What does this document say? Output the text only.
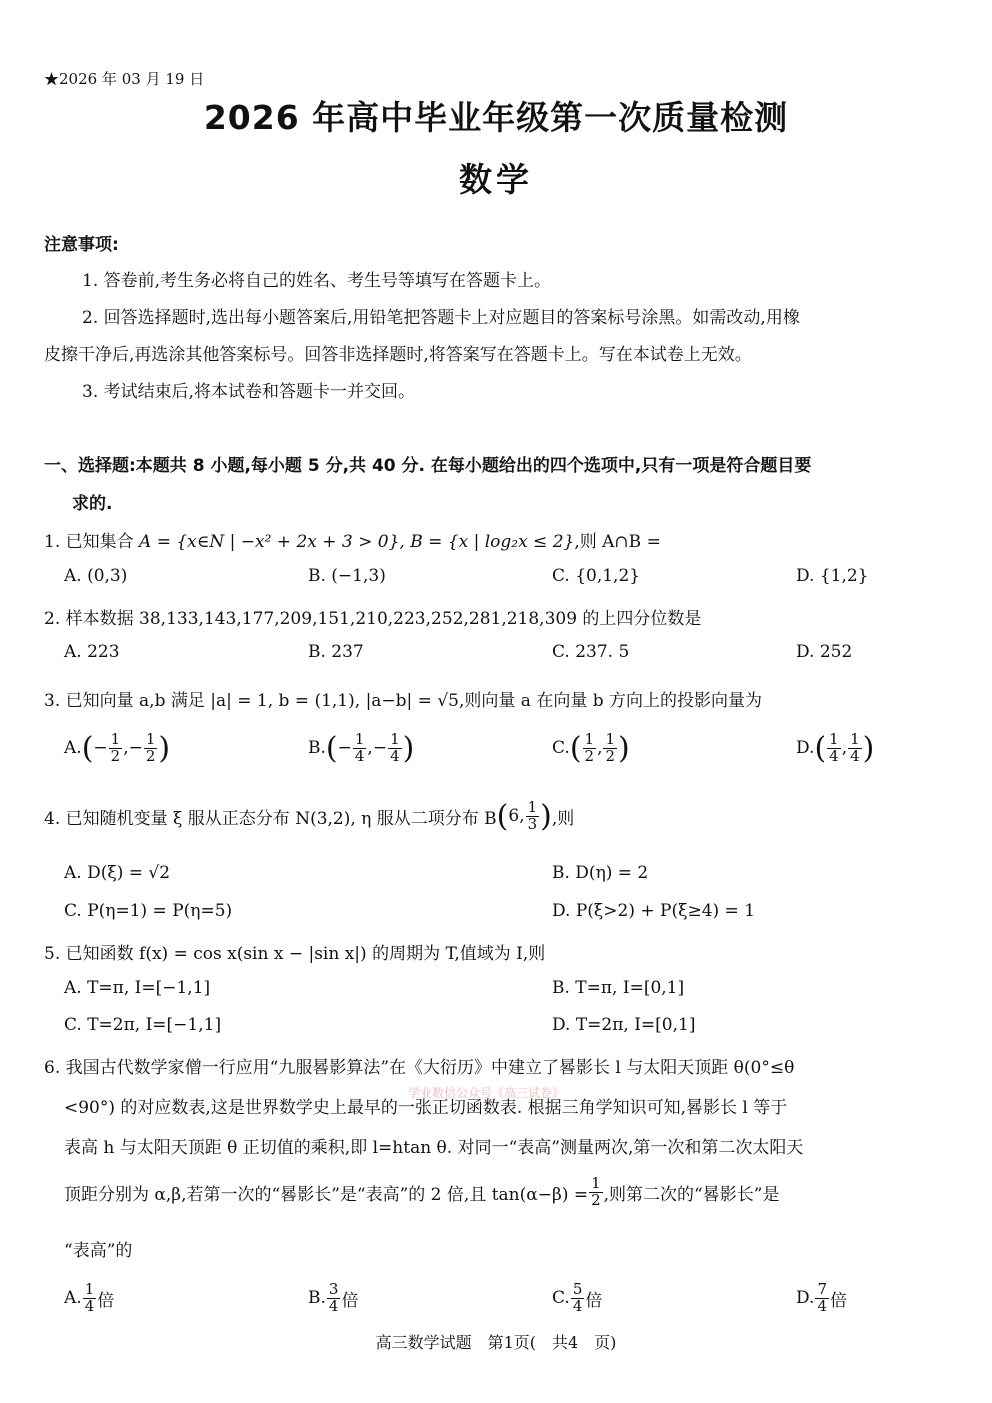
★2026 年 03 月 19 日
2026 年高中毕业年级第一次质量检测
数学
注意事项:
1. 答卷前,考生务必将自己的姓名、考生号等填写在答题卡上。
2. 回答选择题时,选出每小题答案后,用铅笔把答题卡上对应题目的答案标号涂黑。如需改动,用橡
皮擦干净后,再选涂其他答案标号。回答非选择题时,将答案写在答题卡上。写在本试卷上无效。
3. 考试结束后,将本试卷和答题卡一并交回。
一、选择题:本题共 8 小题,每小题 5 分,共 40 分. 在每小题给出的四个选项中,只有一项是符合题目要
求的.
1. 已知集合 A = {x∈N | −x² + 2x + 3 > 0}, B = {x | log₂x ≤ 2},则 A∩B =
A. (0,3)	B. (−1,3)	C. {0,1,2}	D. {1,2}
2. 样本数据 38,133,143,177,209,151,210,223,252,281,218,309 的上四分位数是
A. 223	B. 237	C. 237. 5	D. 252
3. 已知向量 a,b 满足 |a| = 1, b = (1,1), |a−b| = √5,则向量 a 在向量 b 方向上的投影向量为
A. ( − $\frac{1}{2}$ , − $\frac{1}{2}$ )	B. ( − $\frac{1}{4}$ , − $\frac{1}{4}$ )	C. ( $\frac{1}{2}$ , $\frac{1}{2}$ )	D. ( $\frac{1}{4}$ , $\frac{1}{4}$ )
4. 已知随机变量 ξ 服从正态分布 N(3,2), η 服从二项分布 B ( 6, $\frac{1}{3}$ ) ,则
A. D(ξ) = √2	B. D(η) = 2
C. P(η=1) = P(η=5)	D. P(ξ>2) + P(ξ≥4) = 1
5. 已知函数 f(x) = cos x(sin x − |sin x|) 的周期为 T,值域为 I,则
A. T=π, I=[−1,1]	B. T=π, I=[0,1]
C. T=2π, I=[−1,1]	D. T=2π, I=[0,1]
6. 我国古代数学家僧一行应用“九服晷影算法”在《大衍历》中建立了晷影长 l 与太阳天顶距 θ(0°≤θ
学业数信公众号《高三试卷》
<90°) 的对应数表,这是世界数学史上最早的一张正切函数表. 根据三角学知识可知,晷影长 l 等于
表高 h 与太阳天顶距 θ 正切值的乘积,即 l=htan θ. 对同一“表高”测量两次,第一次和第二次太阳天
顶距分别为 α,β,若第一次的“晷影长”是“表高”的 2 倍,且 $\tan(\alpha-\beta) = \frac{1}{2}$ ,则第二次的“晷影长”是
“表高”的
A. $\frac{1}{4}$ 倍	B. $\frac{3}{4}$ 倍	C. $\frac{5}{4}$ 倍	D. $\frac{7}{4}$ 倍
高三数学试题　第1页(　共4　页)
